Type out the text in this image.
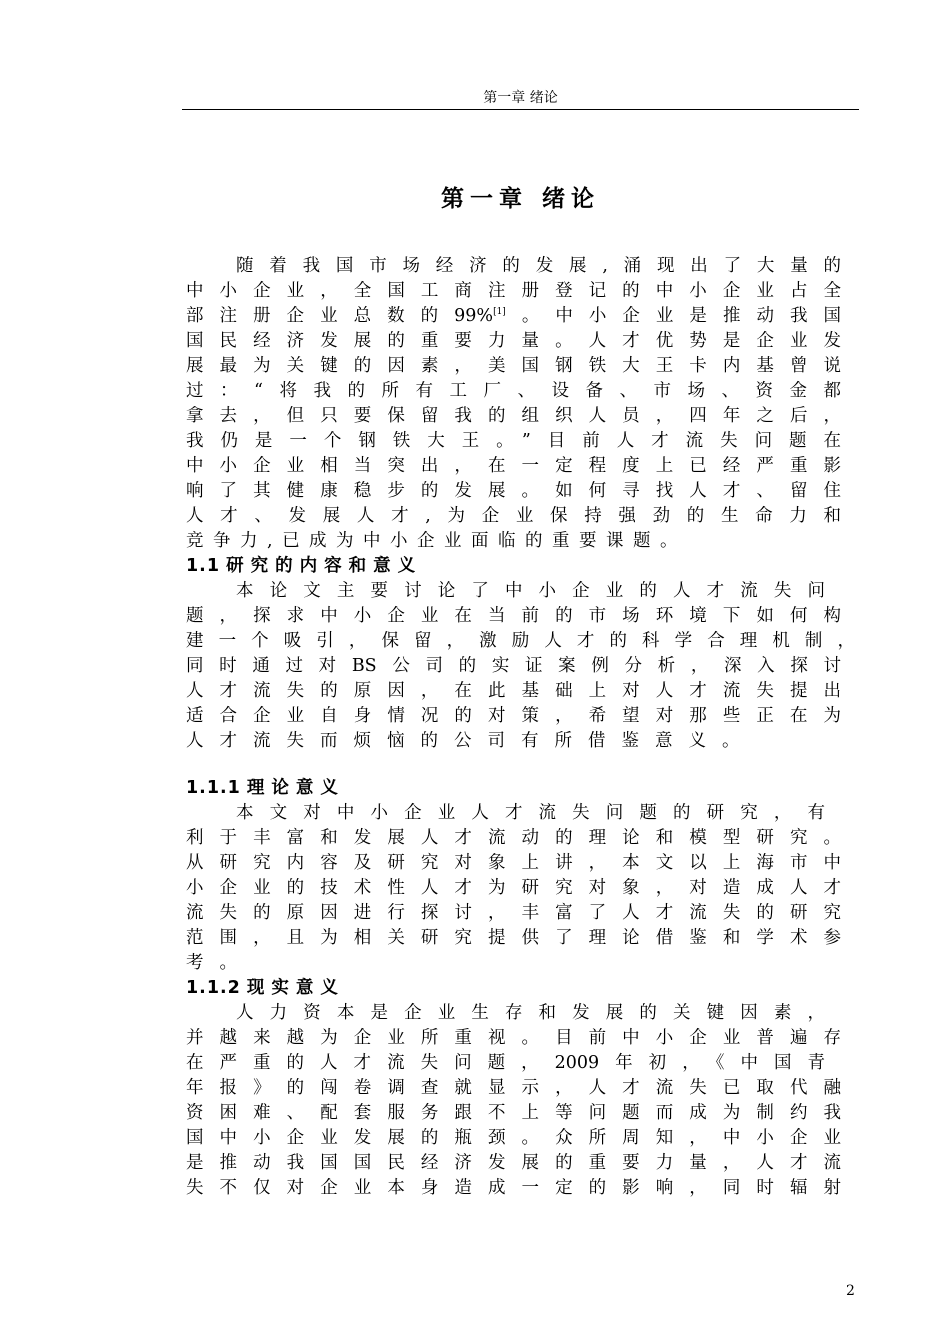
第一章 绪论
第一章 绪论
随着我国市场经济的发展,涌现出了大量的
中小企业，全国工商注册登记的中小企业占全
部注册企业总数的99%[1]。中小企业是推动我国
国民经济发展的重要力量。人才优势是企业发
展最为关键的因素，美国钢铁大王卡内基曾说
过：“将我的所有工厂、设备、市场、资金都
拿去，但只要保留我的组织人员，四年之后，
我仍是一个钢铁大王。”目前人才流失问题在
中小企业相当突出，在一定程度上已经严重影
响了其健康稳步的发展。如何寻找人才、留住
人才、发展人才,为企业保持强劲的生命力和
竞争力,已成为中小企业面临的重要课题。
1.1 研究的内容和意义
本论文主要讨论了中小企业的人才流失问
题，探求中小企业在当前的市场环境下如何构
建一个吸引，保留，激励人才的科学合理机制，
同时通过对BS公司的实证案例分析，深入探讨
人才流失的原因，在此基础上对人才流失提出
适合企业自身情况的对策，希望对那些正在为
人才流失而烦恼的公司有所借鉴意义。
1.1.1 理论意义
本文对中小企业人才流失问题的研究，有
利于丰富和发展人才流动的理论和模型研究。
从研究内容及研究对象上讲，本文以上海市中
小企业的技术性人才为研究对象，对造成人才
流失的原因进行探讨，丰富了人才流失的研究
范围，且为相关研究提供了理论借鉴和学术参
考。
1.1.2 现实意义
人力资本是企业生存和发展的关键因素，
并越来越为企业所重视。目前中小企业普遍存
在严重的人才流失问题，2009年初，《中国青
年报》的闯卷调查就显示，人才流失已取代融
资困难、配套服务跟不上等问题而成为制约我
国中小企业发展的瓶颈。众所周知，中小企业
是推动我国国民经济发展的重要力量，人才流
失不仅对企业本身造成一定的影响，同时辐射
2
